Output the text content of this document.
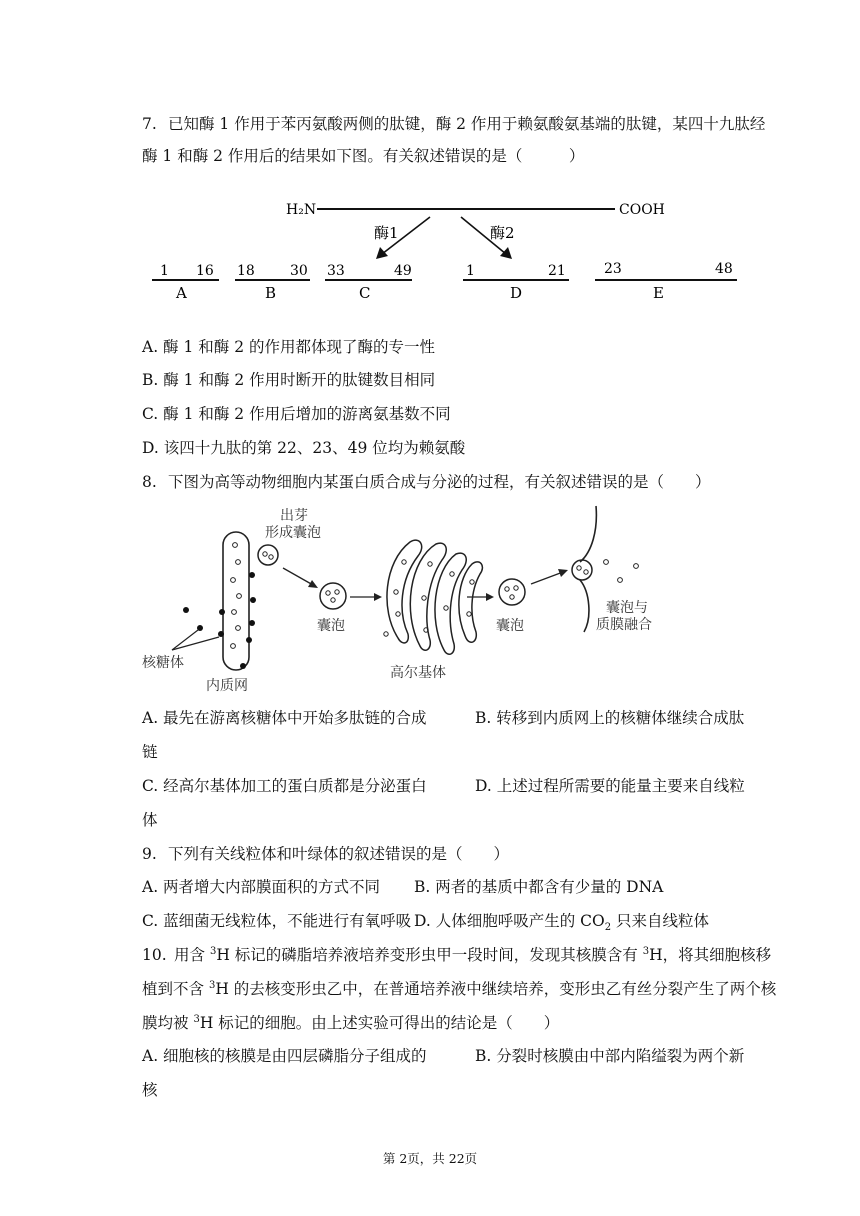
7. 已知酶 1 作用于苯丙氨酸两侧的肽键，酶 2 作用于赖氨酸氨基端的肽键，某四十九肽经
酶 1 和酶 2 作用后的结果如下图。有关叙述错误的是（　　　）
H₂N	COOH
酶1	酶2
1 16
A
18	30
B
33	49
C
1	21
D
23	48
E
A. 酶 1 和酶 2 的作用都体现了酶的专一性
B. 酶 1 和酶 2 作用时断开的肽键数目相同
C. 酶 1 和酶 2 作用后增加的游离氨基数不同
D. 该四十九肽的第 22、23、49 位均为赖氨酸
8. 下图为高等动物细胞内某蛋白质合成与分泌的过程，有关叙述错误的是（　　）
出芽
形成囊泡
囊泡
高尔基体
囊泡
囊泡与
质膜融合
核糖体
内质网
A. 最先在游离核糖体中开始多肽链的合成	B. 转移到内质网上的核糖体继续合成肽
链
C. 经高尔基体加工的蛋白质都是分泌蛋白	D. 上述过程所需要的能量主要来自线粒
体
9. 下列有关线粒体和叶绿体的叙述错误的是（　　）
A. 两者增大内部膜面积的方式不同 B. 两者的基质中都含有少量的 DNA
C. 蓝细菌无线粒体，不能进行有氧呼吸 D. 人体细胞呼吸产生的 $CO_2$ 只来自线粒体
10. 用含 $^3$H 标记的磷脂培养液培养变形虫甲一段时间，发现其核膜含有 $^3$H，将其细胞核移
植到不含 $^3$H 的去核变形虫乙中，在普通培养液中继续培养，变形虫乙有丝分裂产生了两个核
膜均被 $^3$H 标记的细胞。由上述实验可得出的结论是（　　）
A. 细胞核的核膜是由四层磷脂分子组成的	B. 分裂时核膜由中部内陷缢裂为两个新
核
第 2页，共 22页
